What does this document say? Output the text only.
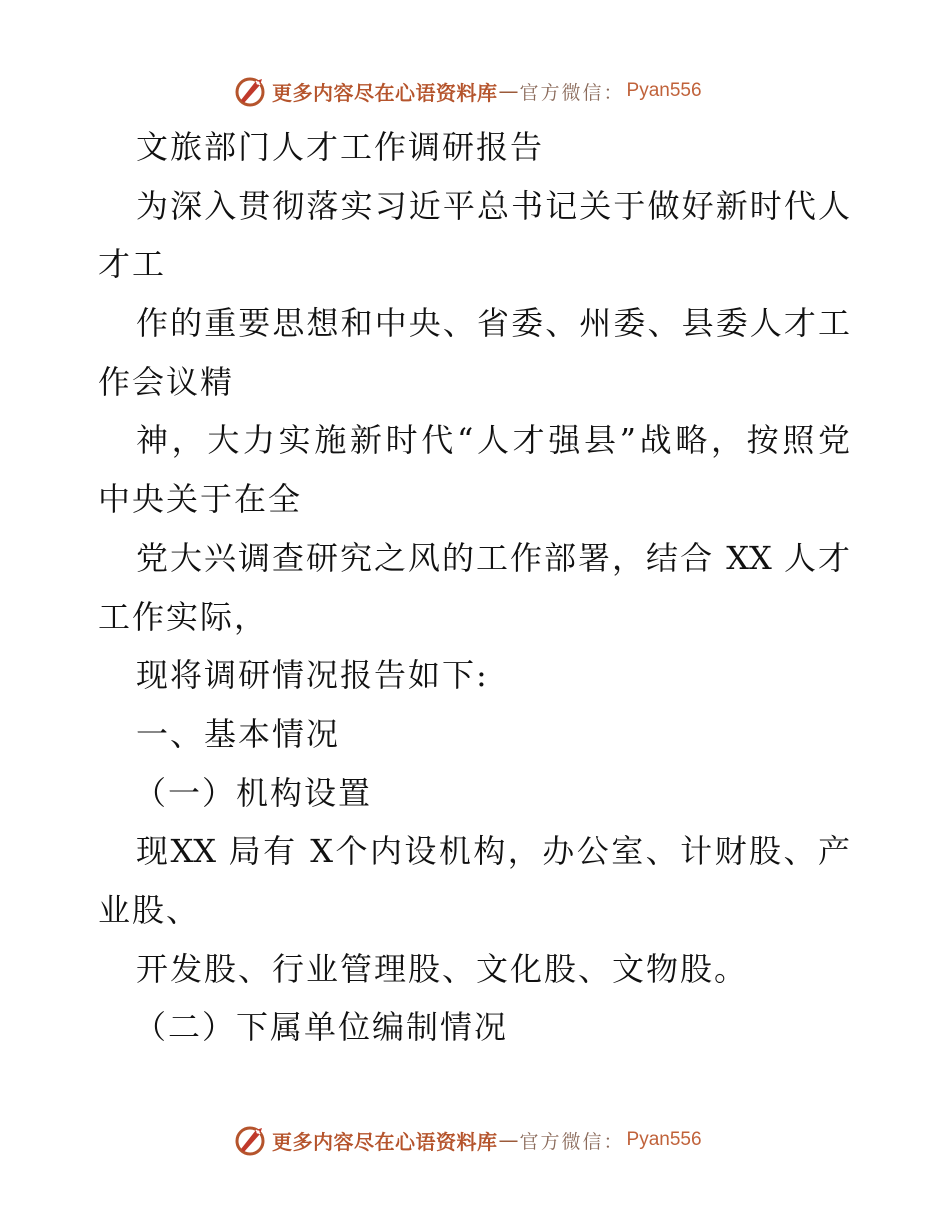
更多内容尽在心语资料库 — 官方微信： Pyan556
文旅部门人才工作调研报告
为深入贯彻落实习近平总书记关于做好新时代人
才工
作的重要思想和中央、省委、州委、县委人才工
作会议精
神，大力实施新时代“人才强县”战略，按照党
中央关于在全
党大兴调查研究之风的工作部署，结合 XX 人才
工作实际，
现将调研情况报告如下:
一、基本情况
（一）机构设置
现XX 局有 X个内设机构，办公室、计财股、产
业股、
开发股、行业管理股、文化股、文物股。
（二）下属单位编制情况
更多内容尽在心语资料库 — 官方微信： Pyan556
